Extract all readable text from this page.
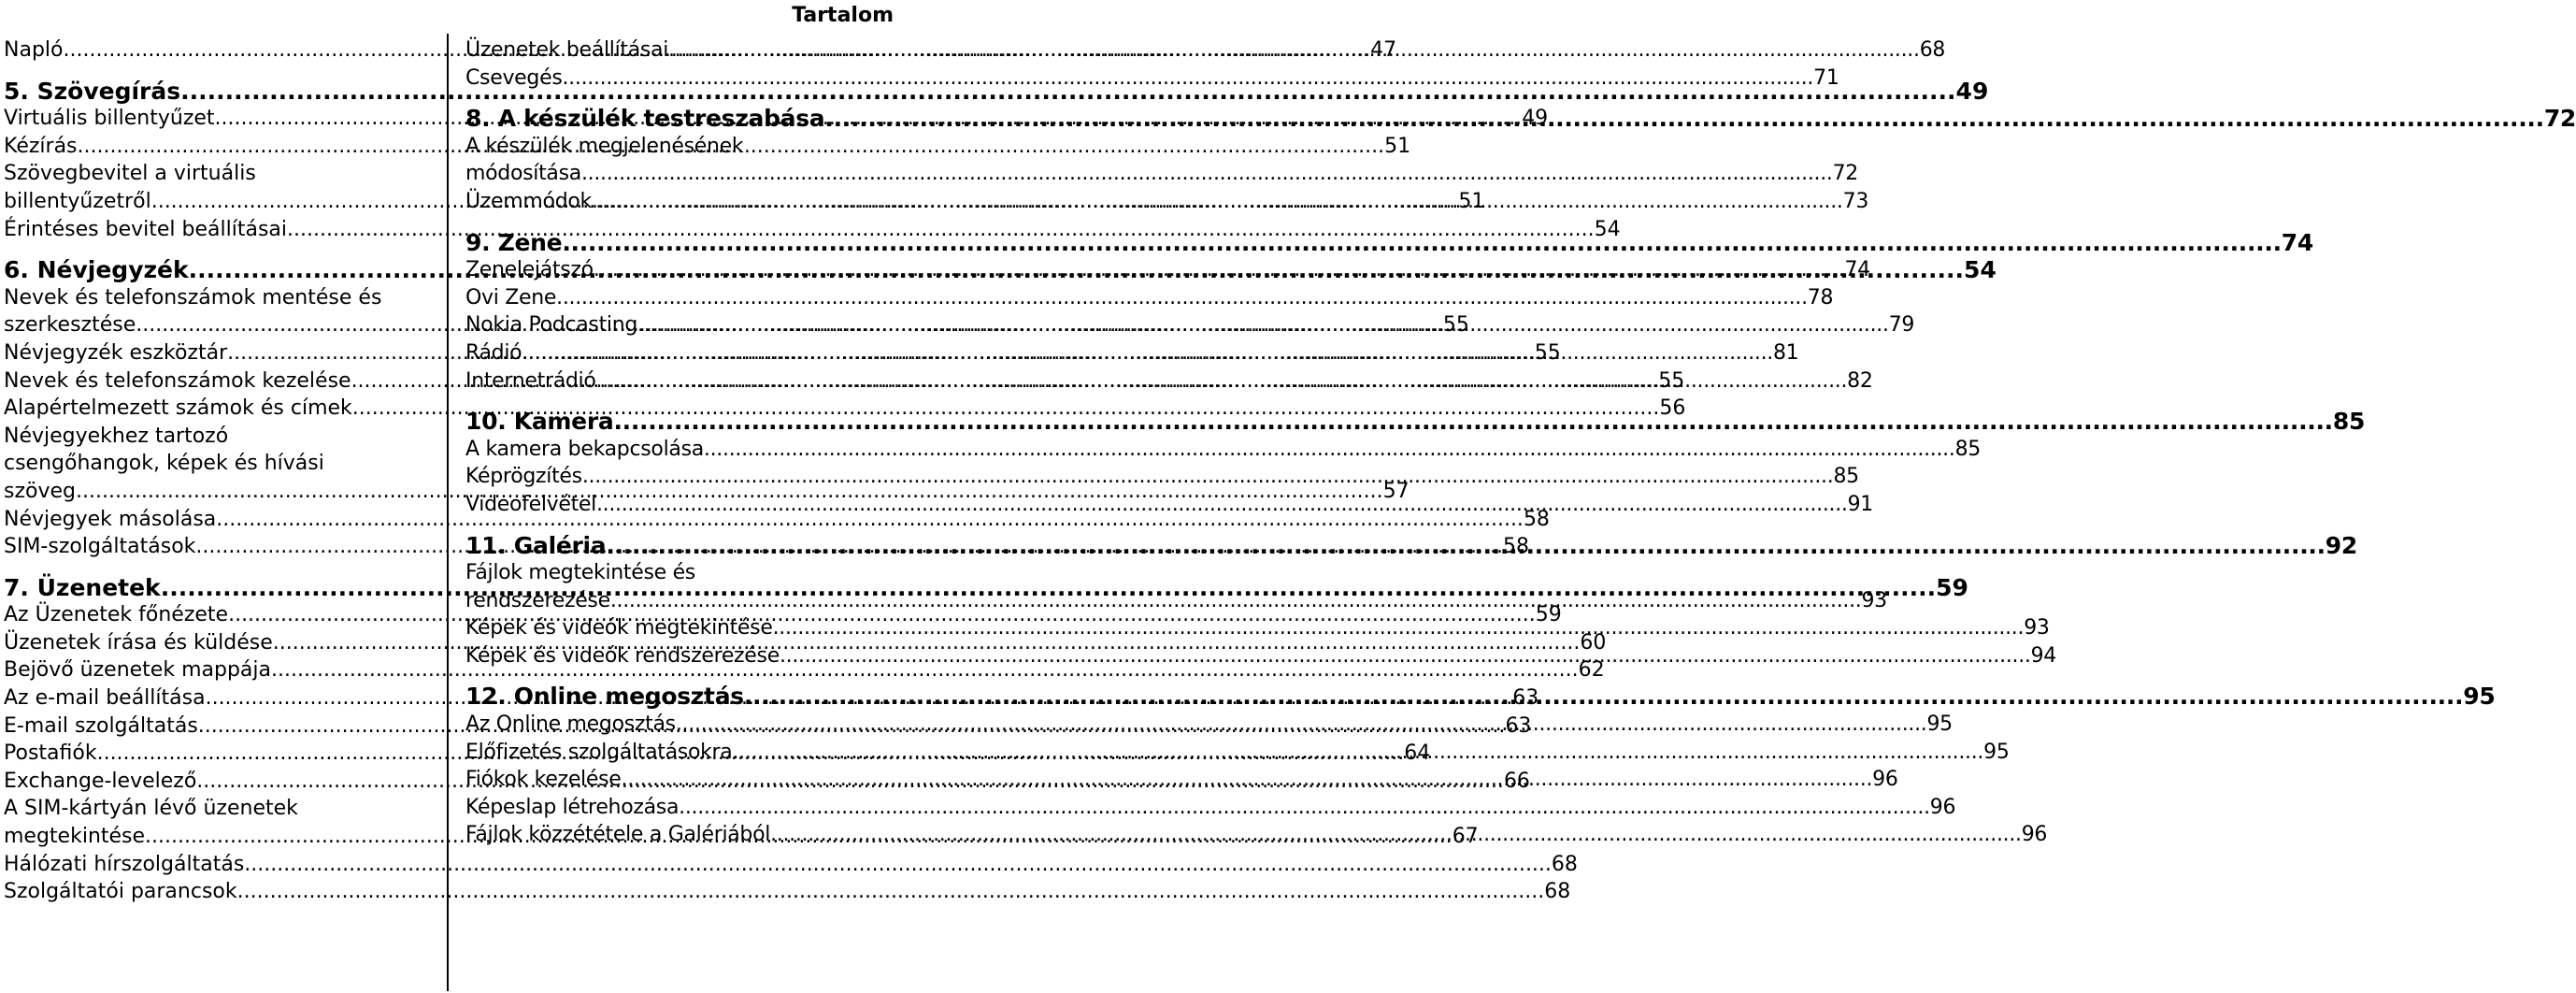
Tartalom
Napló .....	47
5. Szövegírás .....	49
Virtuális billentyűzet .....	49
Kézírás .....	51
Szövegbevitel a virtuális
billentyűzetről .....	51
Érintéses bevitel beállításai .....	54
6. Névjegyzék .....	54
Nevek és telefonszámok mentése és
szerkesztése .....	55
Névjegyzék eszköztár .....	55
Nevek és telefonszámok kezelése .....	55
Alapértelmezett számok és címek .....	56
Névjegyekhez tartozó
csengőhangok, képek és hívási
szöveg .....	57
Névjegyek másolása .....	58
SIM-szolgáltatások .....	58
7. Üzenetek .....	59
Az Üzenetek főnézete .....	59
Üzenetek írása és küldése .....	60
Bejövő üzenetek mappája .....	62
Az e-mail beállítása .....	63
E-mail szolgáltatás .....	63
Postafiók .....	64
Exchange-levelező .....	66
A SIM-kártyán lévő üzenetek
megtekintése .....	67
Hálózati hírszolgáltatás .....	68
Szolgáltatói parancsok .....	68
Üzenetek beállításai .....	68
Csevegés .....	71
8. A készülék testreszabása .....	72
A készülék megjelenésének
módosítása .....	72
Üzemmódok .....	73
9. Zene .....	74
Zenelejátszó .....	74
Ovi Zene .....	78
Nokia Podcasting .....	79
Rádió .....	81
Internetrádió .....	82
10. Kamera .....	85
A kamera bekapcsolása .....	85
Képrögzítés .....	85
Videofelvétel .....	91
11. Galéria .....	92
Fájlok megtekintése és
rendszerezése .....	93
Képek és videók megtekintése .....	93
Képek és videók rendszerezése .....	94
12. Online megosztás .....	95
Az Online megosztás .....	95
Előfizetés szolgáltatásokra .....	95
Fiókok kezelése .....	96
Képeslap létrehozása .....	96
Fájlok közzététele a Galériából .....	96
